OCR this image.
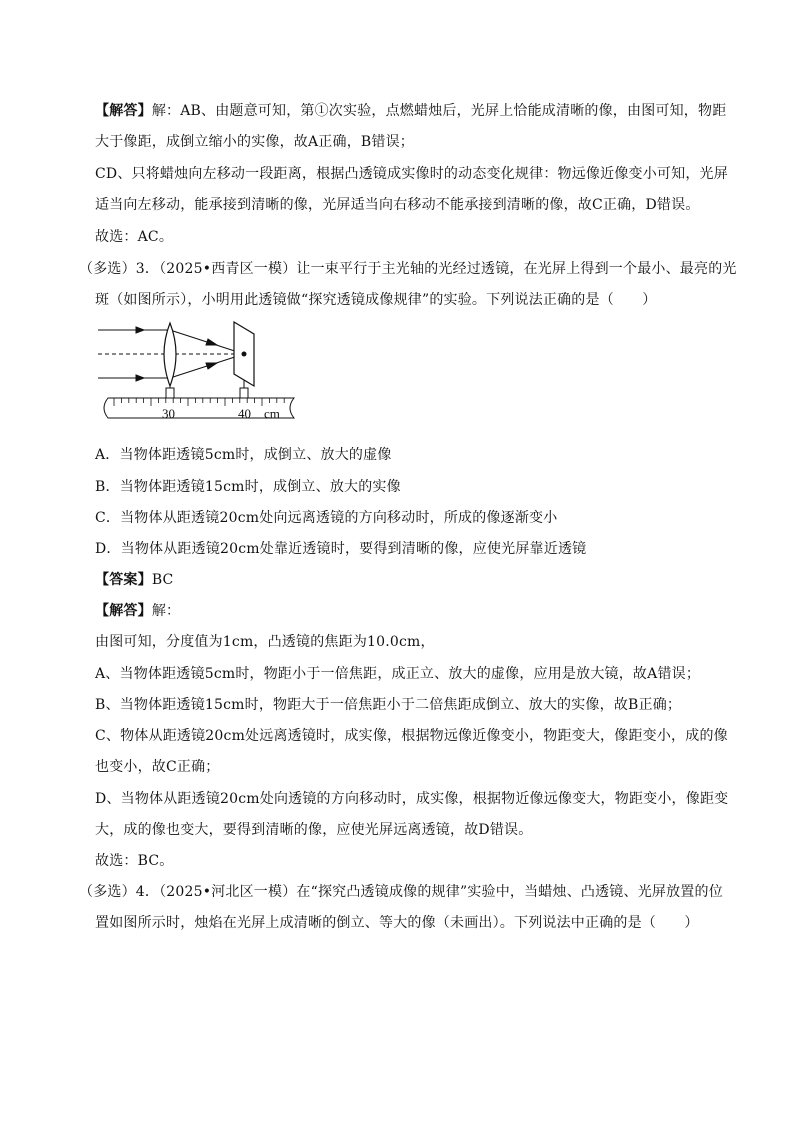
【解答】解：AB、由题意可知，第①次实验，点燃蜡烛后，光屏上恰能成清晰的像，由图可知，物距
大于像距，成倒立缩小的实像，故A正确，B错误；
CD、只将蜡烛向左移动一段距离，根据凸透镜成实像时的动态变化规律：物远像近像变小可知，光屏
适当向左移动，能承接到清晰的像，光屏适当向右移动不能承接到清晰的像，故C正确，D错误。
故选：AC。
（多选）3．（2025•西青区一模）让一束平行于主光轴的光经过透镜，在光屏上得到一个最小、最亮的光
斑（如图所示），小明用此透镜做“探究透镜成像规律”的实验。下列说法正确的是（　　）
30	40 cm
A．当物体距透镜5cm时，成倒立、放大的虚像
B．当物体距透镜15cm时，成倒立、放大的实像
C．当物体从距透镜20cm处向远离透镜的方向移动时，所成的像逐渐变小
D．当物体从距透镜20cm处靠近透镜时，要得到清晰的像，应使光屏靠近透镜
【答案】BC
【解答】解：
由图可知，分度值为1cm，凸透镜的焦距为10.0cm，
A、当物体距透镜5cm时，物距小于一倍焦距，成正立、放大的虚像，应用是放大镜，故A错误；
B、当物体距透镜15cm时，物距大于一倍焦距小于二倍焦距成倒立、放大的实像，故B正确；
C、物体从距透镜20cm处远离透镜时，成实像，根据物远像近像变小，物距变大，像距变小，成的像
也变小，故C正确；
D、当物体从距透镜20cm处向透镜的方向移动时，成实像，根据物近像远像变大，物距变小，像距变
大，成的像也变大，要得到清晰的像，应使光屏远离透镜，故D错误。
故选：BC。
（多选）4．（2025•河北区一模）在“探究凸透镜成像的规律”实验中，当蜡烛、凸透镜、光屏放置的位
置如图所示时，烛焰在光屏上成清晰的倒立、等大的像（未画出）。下列说法中正确的是（　　）
